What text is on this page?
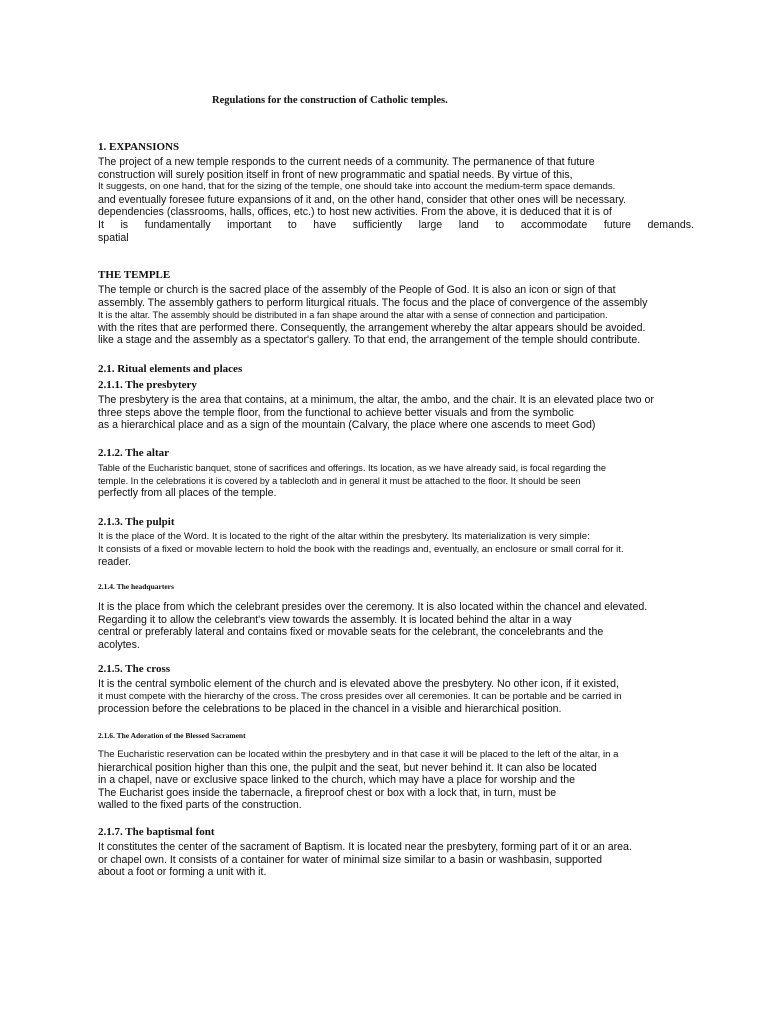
Regulations for the construction of Catholic temples.
1. EXPANSIONS
The project of a new temple responds to the current needs of a community. The permanence of that future
construction will surely position itself in front of new programmatic and spatial needs. By virtue of this,
It suggests, on one hand, that for the sizing of the temple, one should take into account the medium-term space demands.
and eventually foresee future expansions of it and, on the other hand, consider that other ones will be necessary.
dependencies (classrooms, halls, offices, etc.) to host new activities. From the above, it is deduced that it is of
It is fundamentally important to have sufficiently large land to accommodate future demands.
spatial
THE TEMPLE
The temple or church is the sacred place of the assembly of the People of God. It is also an icon or sign of that
assembly. The assembly gathers to perform liturgical rituals. The focus and the place of convergence of the assembly
It is the altar. The assembly should be distributed in a fan shape around the altar with a sense of connection and participation.
with the rites that are performed there. Consequently, the arrangement whereby the altar appears should be avoided.
like a stage and the assembly as a spectator's gallery. To that end, the arrangement of the temple should contribute.
2.1. Ritual elements and places
2.1.1. The presbytery
The presbytery is the area that contains, at a minimum, the altar, the ambo, and the chair. It is an elevated place two or
three steps above the temple floor, from the functional to achieve better visuals and from the symbolic
as a hierarchical place and as a sign of the mountain (Calvary, the place where one ascends to meet God)
2.1.2. The altar
Table of the Eucharistic banquet, stone of sacrifices and offerings. Its location, as we have already said, is focal regarding the
temple. In the celebrations it is covered by a tablecloth and in general it must be attached to the floor. It should be seen
perfectly from all places of the temple.
2.1.3. The pulpit
It is the place of the Word. It is located to the right of the altar within the presbytery. Its materialization is very simple:
It consists of a fixed or movable lectern to hold the book with the readings and, eventually, an enclosure or small corral for it.
reader.
2.1.4. The headquarters
It is the place from which the celebrant presides over the ceremony. It is also located within the chancel and elevated.
Regarding it to allow the celebrant's view towards the assembly. It is located behind the altar in a way
central or preferably lateral and contains fixed or movable seats for the celebrant, the concelebrants and the
acolytes.
2.1.5. The cross
It is the central symbolic element of the church and is elevated above the presbytery. No other icon, if it existed,
it must compete with the hierarchy of the cross. The cross presides over all ceremonies. It can be portable and be carried in
procession before the celebrations to be placed in the chancel in a visible and hierarchical position.
2.1.6. The Adoration of the Blessed Sacrament
The Eucharistic reservation can be located within the presbytery and in that case it will be placed to the left of the altar, in a
hierarchical position higher than this one, the pulpit and the seat, but never behind it. It can also be located
in a chapel, nave or exclusive space linked to the church, which may have a place for worship and the
The Eucharist goes inside the tabernacle, a fireproof chest or box with a lock that, in turn, must be
walled to the fixed parts of the construction.
2.1.7. The baptismal font
It constitutes the center of the sacrament of Baptism. It is located near the presbytery, forming part of it or an area.
or chapel own. It consists of a container for water of minimal size similar to a basin or washbasin, supported
about a foot or forming a unit with it.
